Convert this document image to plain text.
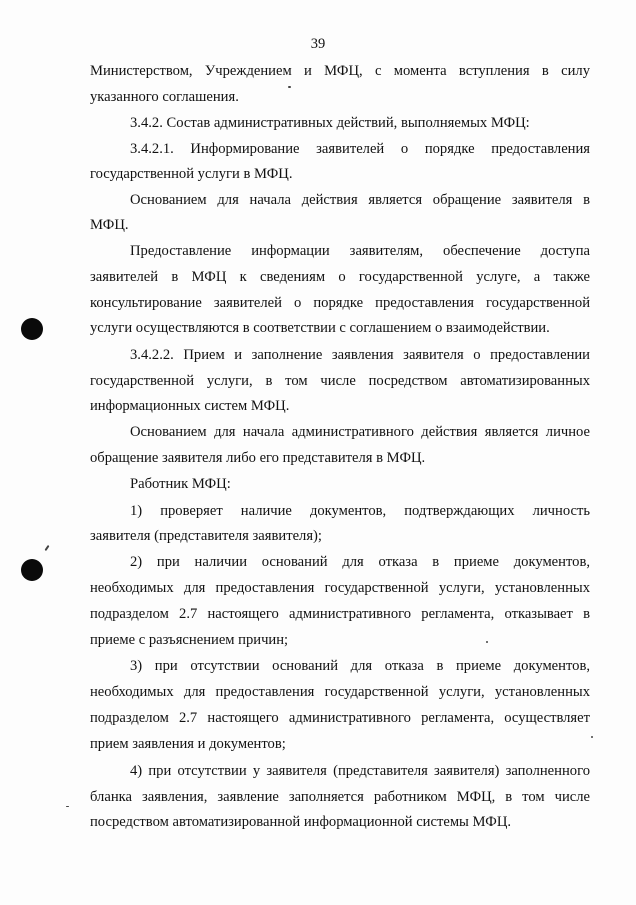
39
Министерством, Учреждением и МФЦ, с момента вступления в силу
указанного соглашения.
3.4.2. Состав административных действий, выполняемых МФЦ:
3.4.2.1. Информирование заявителей о порядке предоставления
государственной услуги в МФЦ.
Основанием для начала действия является обращение заявителя в
МФЦ.
Предоставление информации заявителям, обеспечение доступа
заявителей в МФЦ к сведениям о государственной услуге, а также
консультирование заявителей о порядке предоставления государственной
услуги осуществляются в соответствии с соглашением о взаимодействии.
3.4.2.2. Прием и заполнение заявления заявителя о предоставлении
государственной услуги, в том числе посредством автоматизированных
информационных систем МФЦ.
Основанием для начала административного действия является личное
обращение заявителя либо его представителя в МФЦ.
Работник МФЦ:
1) проверяет наличие документов, подтверждающих личность
заявителя (представителя заявителя);
2) при наличии оснований для отказа в приеме документов,
необходимых для предоставления государственной услуги, установленных
подразделом 2.7 настоящего административного регламента, отказывает в
приеме с разъяснением причин;
3) при отсутствии оснований для отказа в приеме документов,
необходимых для предоставления государственной услуги, установленных
подразделом 2.7 настоящего административного регламента, осуществляет
прием заявления и документов;
4) при отсутствии у заявителя (представителя заявителя) заполненного
бланка заявления, заявление заполняется работником МФЦ, в том числе
посредством автоматизированной информационной системы МФЦ.
